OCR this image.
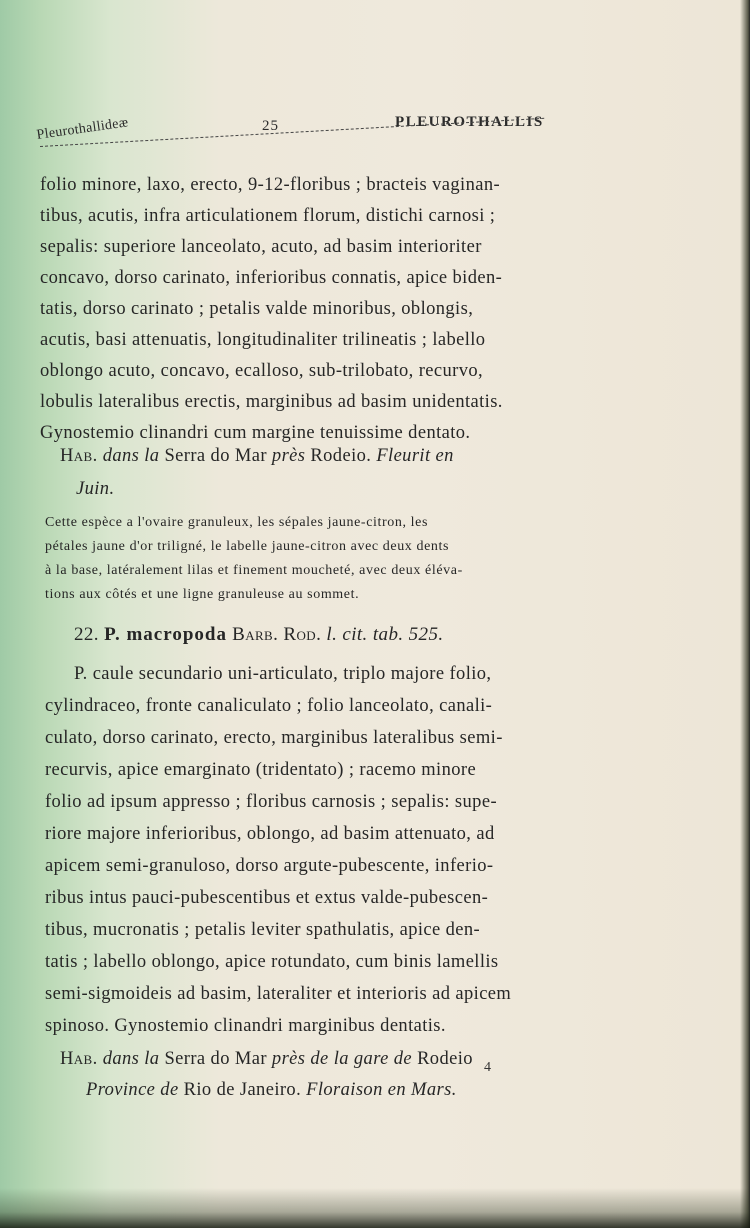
Pleurothallideæ	25	PLEUROTHALLIS
folio minore, laxo, erecto, 9-12-floribus ; bracteis vaginan-
tibus, acutis, infra articulationem florum, distichi carnosi ;
sepalis: superiore lanceolato, acuto, ad basim interioriter
concavo, dorso carinato, inferioribus connatis, apice biden-
tatis, dorso carinato ; petalis valde minoribus, oblongis,
acutis, basi attenuatis, longitudinaliter trilineatis ; labello
oblongo acuto, concavo, ecalloso, sub-trilobato, recurvo,
lobulis lateralibus erectis, marginibus ad basim unidentatis.
Gynostemio clinandri cum margine tenuissime dentato.
Hab. dans la Serra do Mar près Rodeio. Fleurit en
Juin.
Cette espèce a l'ovaire granuleux, les sépales jaune-citron, les
pétales jaune d'or triligné, le labelle jaune-citron avec deux dents
à la base, latéralement lilas et finement moucheté, avec deux éléva-
tions aux côtés et une ligne granuleuse au sommet.
22. P. macropoda Barb. Rod. l. cit. tab. 525.
P. caule secundario uni-articulato, triplo majore folio,
cylindraceo, fronte canaliculato ; folio lanceolato, canali-
culato, dorso carinato, erecto, marginibus lateralibus semi-
recurvis, apice emarginato (tridentato) ; racemo minore
folio ad ipsum appresso ; floribus carnosis ; sepalis: supe-
riore majore inferioribus, oblongo, ad basim attenuato, ad
apicem semi-granuloso, dorso argute-pubescente, inferio-
ribus intus pauci-pubescentibus et extus valde-pubescen-
tibus, mucronatis ; petalis leviter spathulatis, apice den-
tatis ; labello oblongo, apice rotundato, cum binis lamellis
semi-sigmoideis ad basim, lateraliter et interioris ad apicem
spinoso. Gynostemio clinandri marginibus dentatis.
Hab. dans la Serra do Mar près de la gare de Rodeio
Province de Rio de Janeiro. Floraison en Mars.
4
